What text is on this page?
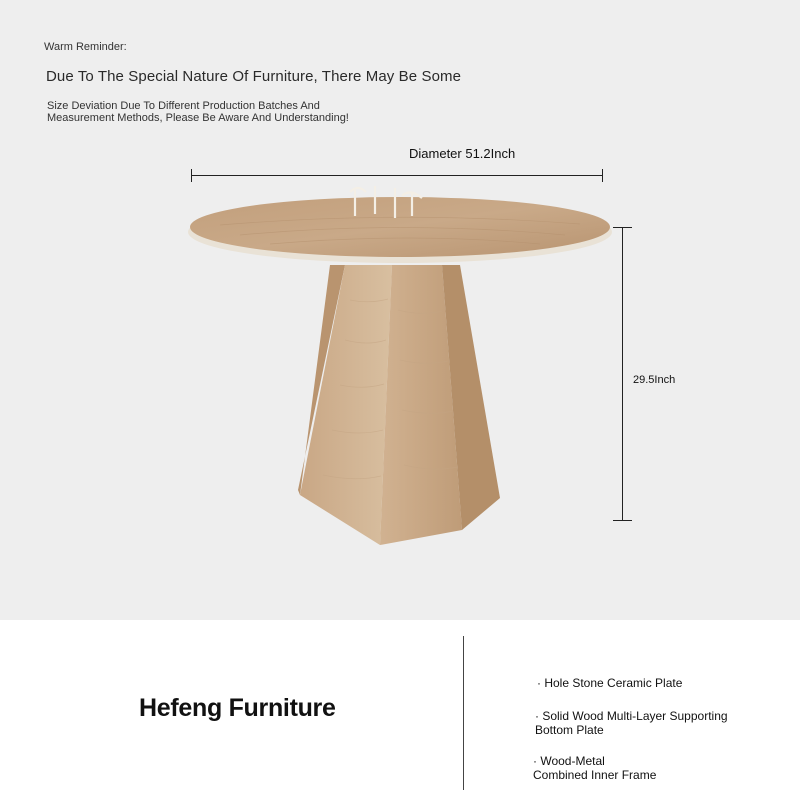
Warm Reminder:
Due To The Special Nature Of Furniture, There May Be Some
Size Deviation Due To Different Production Batches And
Measurement Methods, Please Be Aware And Understanding!
Diameter 51.2Inch
29.5Inch
Hefeng Furniture
· Hole Stone Ceramic Plate
· Solid Wood Multi-Layer Supporting
Bottom Plate
· Wood-Metal
Combined Inner Frame
